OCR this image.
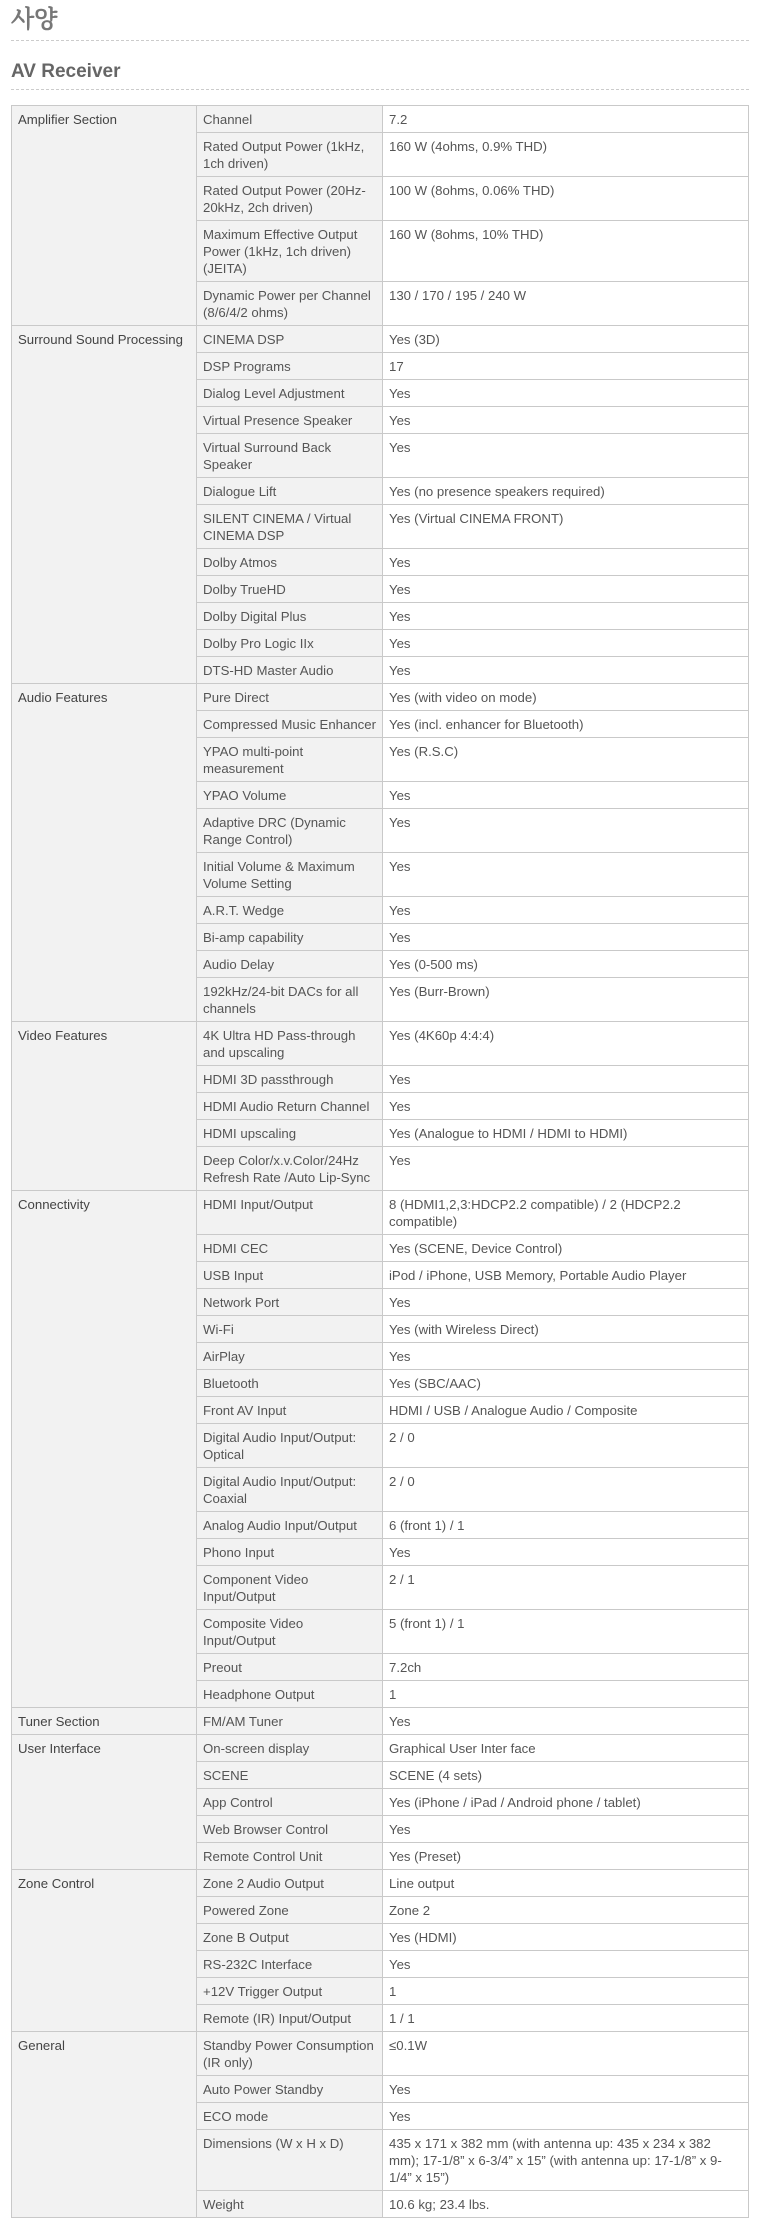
사양
AV Receiver
Amplifier Section	Channel	7.2
	Rated Output Power (1kHz, 1ch driven)	160 W (4ohms, 0.9% THD)
	Rated Output Power (20Hz-20kHz, 2ch driven)	100 W (8ohms, 0.06% THD)
	Maximum Effective Output Power (1kHz, 1ch driven) (JEITA)	160 W (8ohms, 10% THD)
	Dynamic Power per Channel (8/6/4/2 ohms)	130 / 170 / 195 / 240 W
Surround Sound Processing	CINEMA DSP	Yes (3D)
	DSP Programs	17
	Dialog Level Adjustment	Yes
	Virtual Presence Speaker	Yes
	Virtual Surround Back Speaker	Yes
	Dialogue Lift	Yes (no presence speakers required)
	SILENT CINEMA / Virtual CINEMA DSP	Yes (Virtual CINEMA FRONT)
	Dolby Atmos	Yes
	Dolby TrueHD	Yes
	Dolby Digital Plus	Yes
	Dolby Pro Logic IIx	Yes
	DTS-HD Master Audio	Yes
Audio Features	Pure Direct	Yes (with video on mode)
	Compressed Music Enhancer	Yes (incl. enhancer for Bluetooth)
	YPAO multi-point measurement	Yes (R.S.C)
	YPAO Volume	Yes
	Adaptive DRC (Dynamic Range Control)	Yes
	Initial Volume & Maximum Volume Setting	Yes
	A.R.T. Wedge	Yes
	Bi-amp capability	Yes
	Audio Delay	Yes (0-500 ms)
	192kHz/24-bit DACs for all channels	Yes (Burr-Brown)
Video Features	4K Ultra HD Pass-through and upscaling	Yes (4K60p 4:4:4)
	HDMI 3D passthrough	Yes
	HDMI Audio Return Channel	Yes
	HDMI upscaling	Yes (Analogue to HDMI / HDMI to HDMI)
	Deep Color/x.v.Color/24Hz Refresh Rate /Auto Lip-Sync	Yes
Connectivity	HDMI Input/Output	8 (HDMI1,2,3:HDCP2.2 compatible) / 2 (HDCP2.2 compatible)
	HDMI CEC	Yes (SCENE, Device Control)
	USB Input	iPod / iPhone, USB Memory, Portable Audio Player
	Network Port	Yes
	Wi-Fi	Yes (with Wireless Direct)
	AirPlay	Yes
	Bluetooth	Yes (SBC/AAC)
	Front AV Input	HDMI / USB / Analogue Audio / Composite
	Digital Audio Input/Output: Optical	2 / 0
	Digital Audio Input/Output: Coaxial	2 / 0
	Analog Audio Input/Output	6 (front 1) / 1
	Phono Input	Yes
	Component Video Input/Output	2 / 1
	Composite Video Input/Output	5 (front 1) / 1
	Preout	7.2ch
	Headphone Output	1
Tuner Section	FM/AM Tuner	Yes
User Interface	On-screen display	Graphical User Inter face
	SCENE	SCENE (4 sets)
	App Control	Yes (iPhone / iPad / Android phone / tablet)
	Web Browser Control	Yes
	Remote Control Unit	Yes (Preset)
Zone Control	Zone 2 Audio Output	Line output
	Powered Zone	Zone 2
	Zone B Output	Yes (HDMI)
	RS-232C Interface	Yes
	+12V Trigger Output	1
	Remote (IR) Input/Output	1 / 1
General	Standby Power Consumption (IR only)	≤0.1W
	Auto Power Standby	Yes
	ECO mode	Yes
	Dimensions (W x H x D)	435 x 171 x 382 mm (with antenna up: 435 x 234 x 382 mm); 17-1/8” x 6-3/4” x 15” (with antenna up: 17-1/8” x 9-1/4” x 15”)
	Weight	10.6 kg; 23.4 lbs.
